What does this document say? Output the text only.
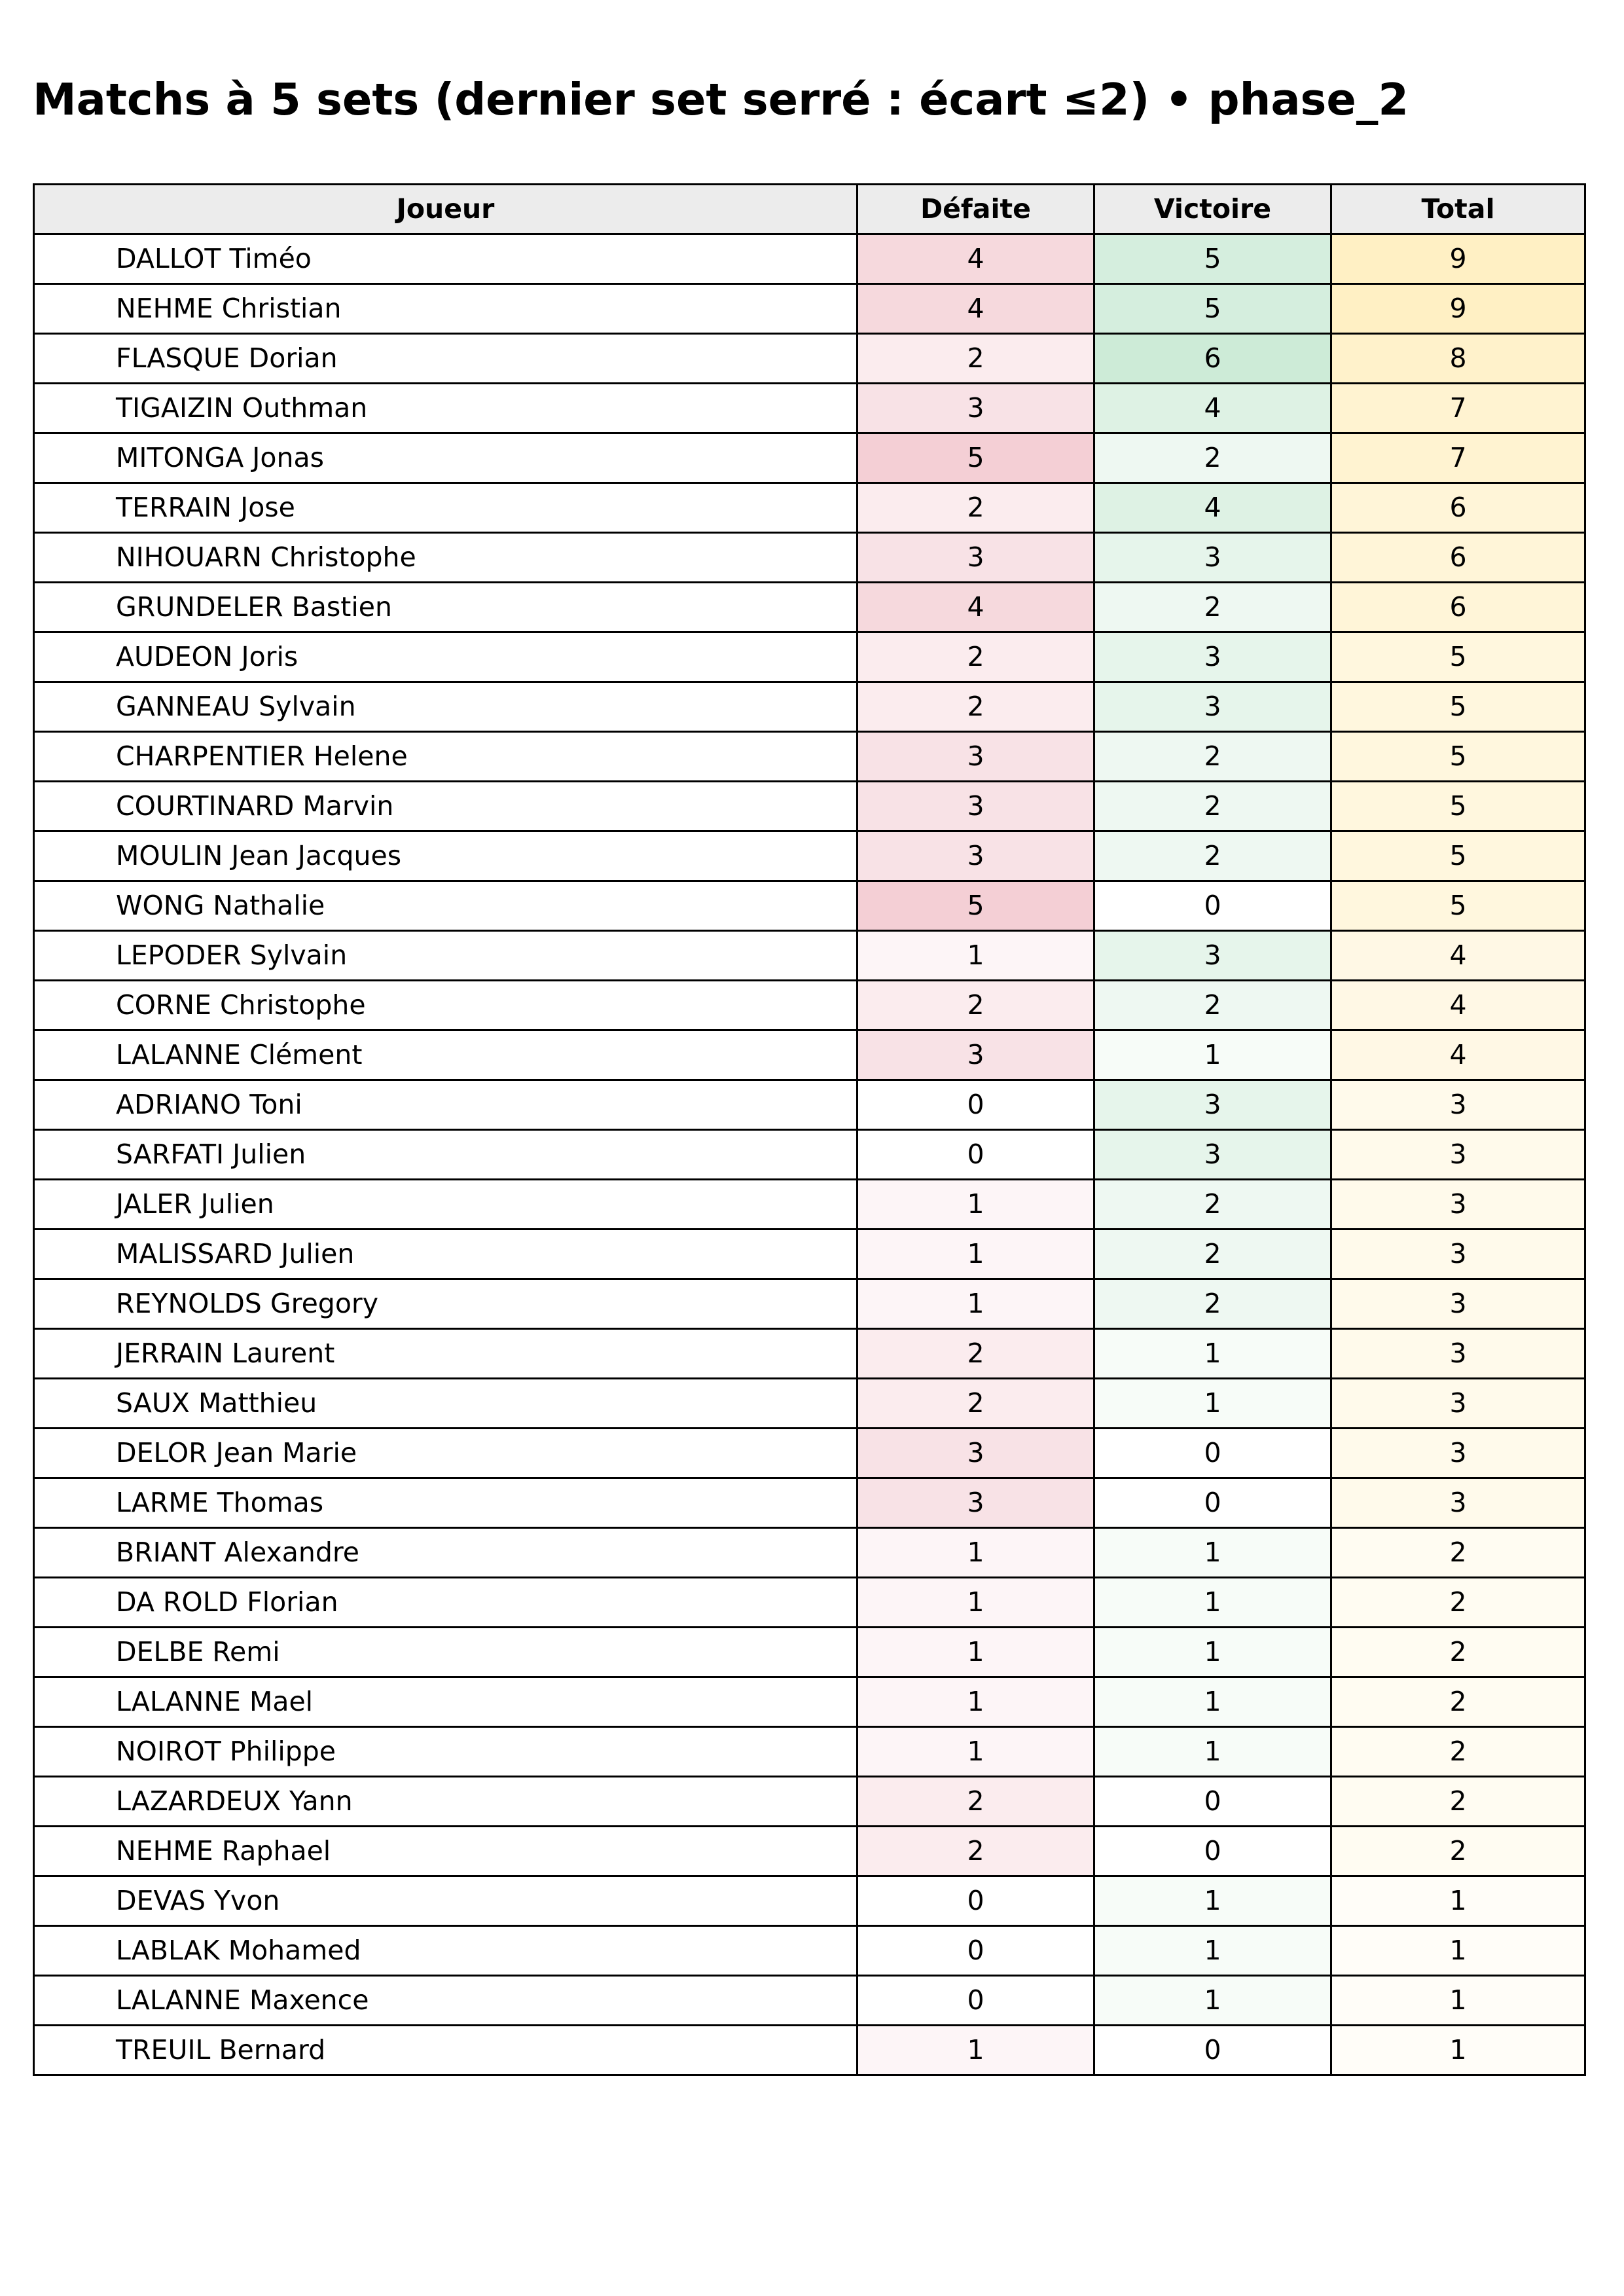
Matchs à 5 sets (dernier set serré : écart ≤2) • phase_2
Joueur	Défaite	Victoire	Total
DALLOT Timéo	4	5	9
NEHME Christian	4	5	9
FLASQUE Dorian	2	6	8
TIGAIZIN Outhman	3	4	7
MITONGA Jonas	5	2	7
TERRAIN Jose	2	4	6
NIHOUARN Christophe	3	3	6
GRUNDELER Bastien	4	2	6
AUDEON Joris	2	3	5
GANNEAU Sylvain	2	3	5
CHARPENTIER Helene	3	2	5
COURTINARD Marvin	3	2	5
MOULIN Jean Jacques	3	2	5
WONG Nathalie	5	0	5
LEPODER Sylvain	1	3	4
CORNE Christophe	2	2	4
LALANNE Clément	3	1	4
ADRIANO Toni	0	3	3
SARFATI Julien	0	3	3
JALER Julien	1	2	3
MALISSARD Julien	1	2	3
REYNOLDS Gregory	1	2	3
JERRAIN Laurent	2	1	3
SAUX Matthieu	2	1	3
DELOR Jean Marie	3	0	3
LARME Thomas	3	0	3
BRIANT Alexandre	1	1	2
DA ROLD Florian	1	1	2
DELBE Remi	1	1	2
LALANNE Mael	1	1	2
NOIROT Philippe	1	1	2
LAZARDEUX Yann	2	0	2
NEHME Raphael	2	0	2
DEVAS Yvon	0	1	1
LABLAK Mohamed	0	1	1
LALANNE Maxence	0	1	1
TREUIL Bernard	1	0	1
